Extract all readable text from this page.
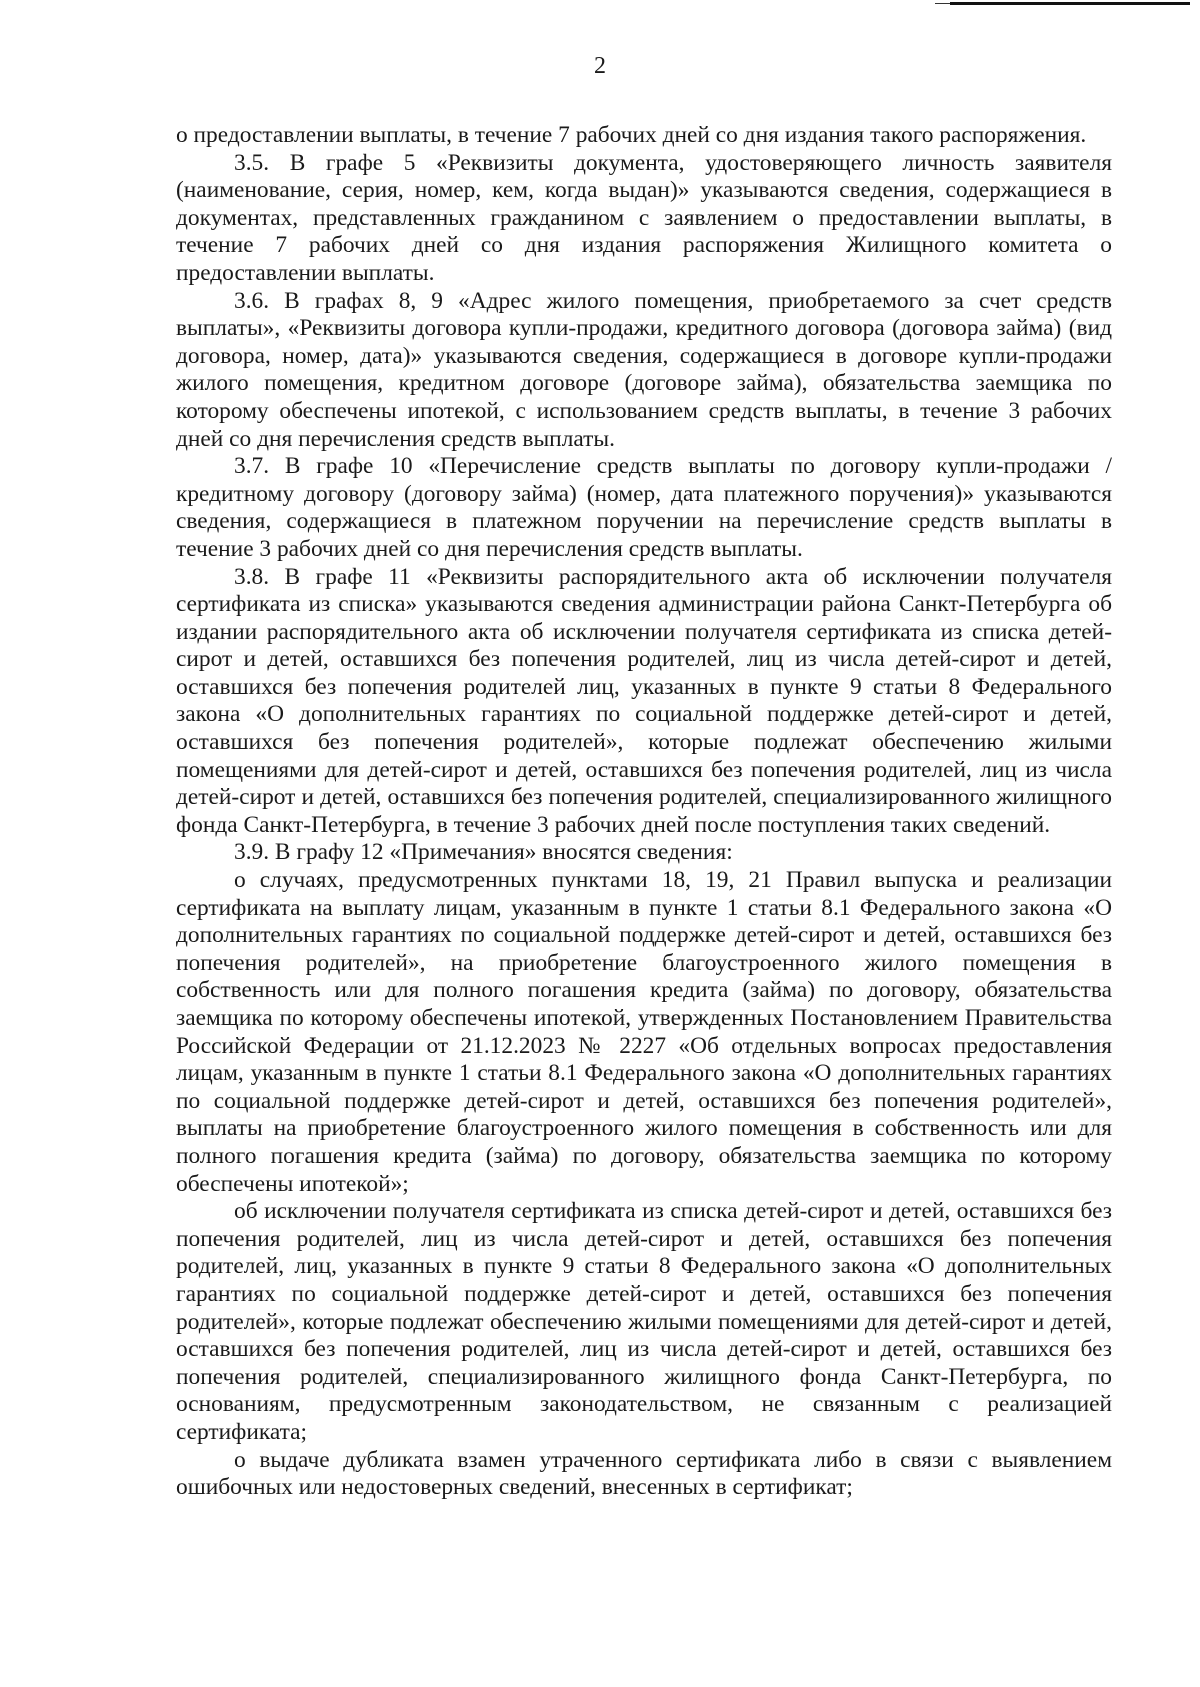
2

о предоставлении выплаты, в течение 7 рабочих дней со дня издания такого распоряжения.

3.5. В графе 5 «Реквизиты документа, удостоверяющего личность заявителя (наименование, серия, номер, кем, когда выдан)» указываются сведения, содержащиеся в документах, представленных гражданином с заявлением о предоставлении выплаты, в течение 7 рабочих дней со дня издания распоряжения Жилищного комитета о предоставлении выплаты.

3.6. В графах 8, 9 «Адрес жилого помещения, приобретаемого за счет средств выплаты», «Реквизиты договора купли-продажи, кредитного договора (договора займа) (вид договора, номер, дата)» указываются сведения, содержащиеся в договоре купли-продажи жилого помещения, кредитном договоре (договоре займа), обязательства заемщика по которому обеспечены ипотекой, с использованием средств выплаты, в течение 3 рабочих дней со дня перечисления средств выплаты.

3.7. В графе 10 «Перечисление средств выплаты по договору купли-продажи /кредитному договору (договору займа) (номер, дата платежного поручения)» указываются сведения, содержащиеся в платежном поручении на перечисление средств выплаты в течение 3 рабочих дней со дня перечисления средств выплаты.

3.8. В графе 11 «Реквизиты распорядительного акта об исключении получателя сертификата из списка» указываются сведения администрации района Санкт-Петербурга об издании распорядительного акта об исключении получателя сертификата из списка детей-сирот и детей, оставшихся без попечения родителей, лиц из числа детей-сирот и детей, оставшихся без попечения родителей лиц, указанных в пункте 9 статьи 8 Федерального закона «О дополнительных гарантиях по социальной поддержке детей-сирот и детей, оставшихся без попечения родителей», которые подлежат обеспечению жилыми помещениями для детей-сирот и детей, оставшихся без попечения родителей, лиц из числа детей-сирот и детей, оставшихся без попечения родителей, специализированного жилищного фонда Санкт-Петербурга, в течение 3 рабочих дней после поступления таких сведений.

3.9. В графу 12 «Примечания» вносятся сведения:

о случаях, предусмотренных пунктами 18, 19, 21 Правил выпуска и реализации сертификата на выплату лицам, указанным в пункте 1 статьи 8.1 Федерального закона «О дополнительных гарантиях по социальной поддержке детей-сирот и детей, оставшихся без попечения родителей», на приобретение благоустроенного жилого помещения в собственность или для полного погашения кредита (займа) по договору, обязательства заемщика по которому обеспечены ипотекой, утвержденных Постановлением Правительства Российской Федерации от 21.12.2023 № 2227 «Об отдельных вопросах предоставления лицам, указанным в пункте 1 статьи 8.1 Федерального закона «О дополнительных гарантиях по социальной поддержке детей-сирот и детей, оставшихся без попечения родителей», выплаты на приобретение благоустроенного жилого помещения в собственность или для полного погашения кредита (займа) по договору, обязательства заемщика по которому обеспечены ипотекой»;

об исключении получателя сертификата из списка детей-сирот и детей, оставшихся без попечения родителей, лиц из числа детей-сирот и детей, оставшихся без попечения родителей, лиц, указанных в пункте 9 статьи 8 Федерального закона «О дополнительных гарантиях по социальной поддержке детей-сирот и детей, оставшихся без попечения родителей», которые подлежат обеспечению жилыми помещениями для детей-сирот и детей, оставшихся без попечения родителей, лиц из числа детей-сирот и детей, оставшихся без попечения родителей, специализированного жилищного фонда Санкт-Петербурга, по основаниям, предусмотренным законодательством, не связанным с реализацией сертификата;

о выдаче дубликата взамен утраченного сертификата либо в связи с выявлением ошибочных или недостоверных сведений, внесенных в сертификат;
